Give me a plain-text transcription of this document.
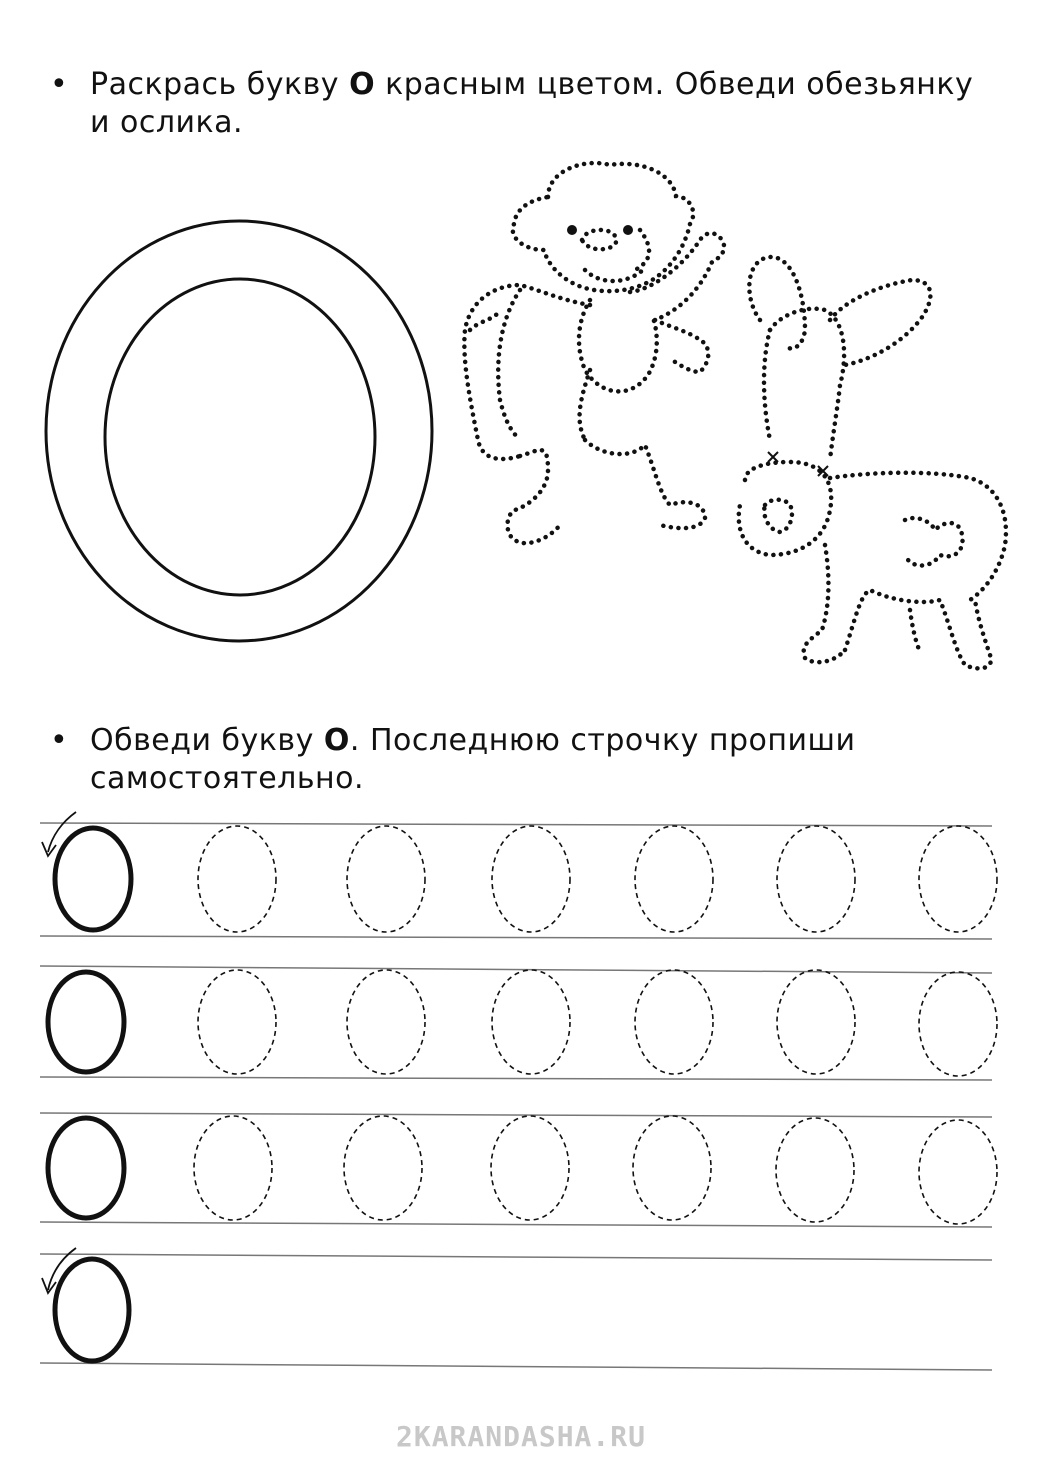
• Раскрась букву О красным цветом. Обведи обезьянку и ослика.
• Обведи букву О. Последнюю строчку пропиши самостоятельно.
2KARANDASHA.RU
